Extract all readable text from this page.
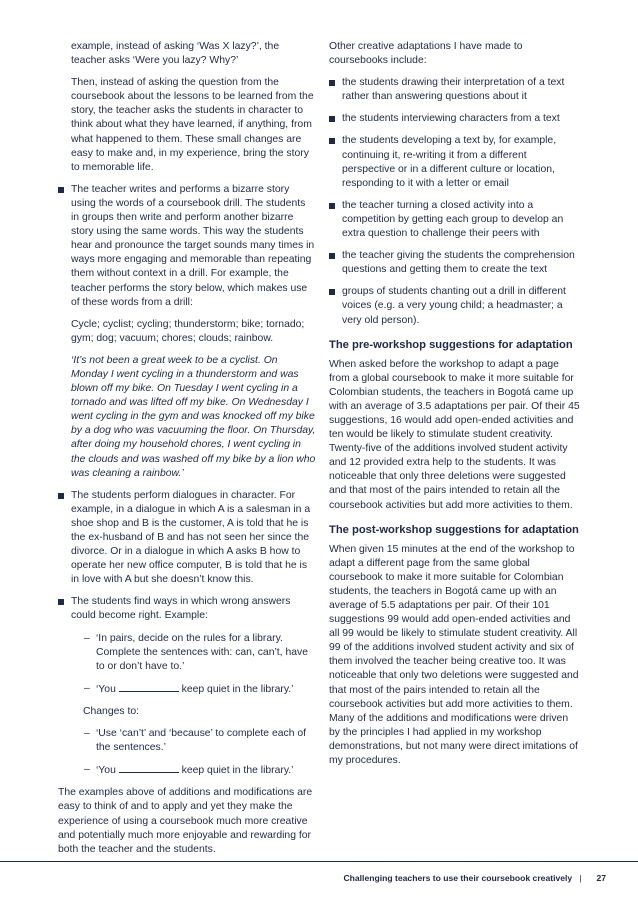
example, instead of asking ‘Was X lazy?’, the teacher asks ‘Were you lazy? Why?’

Then, instead of asking the question from the coursebook about the lessons to be learned from the story, the teacher asks the students in character to think about what they have learned, if anything, from what happened to them. These small changes are easy to make and, in my experience, bring the story to memorable life.

The teacher writes and performs a bizarre story using the words of a coursebook drill. The students in groups then write and perform another bizarre story using the same words. This way the students hear and pronounce the target sounds many times in ways more engaging and memorable than repeating them without context in a drill. For example, the teacher performs the story below, which makes use of these words from a drill:

Cycle; cyclist; cycling; thunderstorm; bike; tornado; gym; dog; vacuum; chores; clouds; rainbow.

‘It’s not been a great week to be a cyclist. On Monday I went cycling in a thunderstorm and was blown off my bike. On Tuesday I went cycling in a tornado and was lifted off my bike. On Wednesday I went cycling in the gym and was knocked off my bike by a dog who was vacuuming the floor. On Thursday, after doing my household chores, I went cycling in the clouds and was washed off my bike by a lion who was cleaning a rainbow.’

The students perform dialogues in character. For example, in a dialogue in which A is a salesman in a shoe shop and B is the customer, A is told that he is the ex-husband of B and has not seen her since the divorce. Or in a dialogue in which A asks B how to operate her new office computer, B is told that he is in love with A but she doesn’t know this.
The students find ways in which wrong answers could become right. Example:
– ‘In pairs, decide on the rules for a library. Complete the sentences with: can, can’t, have to or don’t have to.’
– ‘You	keep quiet in the library.’

Changes to:

– ‘Use ‘can’t’ and ‘because’ to complete each of the sentences.’
– ‘You	keep quiet in the library.’

The examples above of additions and modifications are easy to think of and to apply and yet they make the experience of using a coursebook much more creative and potentially much more enjoyable and rewarding for both the teacher and the students.

Other creative adaptations I have made to coursebooks include:

the students drawing their interpretation of a text rather than answering questions about it
the students interviewing characters from a text
the students developing a text by, for example, continuing it, re-writing it from a different perspective or in a different culture or location, responding to it with a letter or email
the teacher turning a closed activity into a competition by getting each group to develop an extra question to challenge their peers with
the teacher giving the students the comprehension questions and getting them to create the text
groups of students chanting out a drill in different voices (e.g. a very young child; a headmaster; a very old person).
The pre-workshop suggestions for adaptation

When asked before the workshop to adapt a page from a global coursebook to make it more suitable for Colombian students, the teachers in Bogotá came up with an average of 3.5 adaptations per pair. Of their 45 suggestions, 16 would add open-ended activities and ten would be likely to stimulate student creativity. Twenty-five of the additions involved student activity and 12 provided extra help to the students. It was noticeable that only three deletions were suggested and that most of the pairs intended to retain all the coursebook activities but add more activities to them.

The post-workshop suggestions for adaptation

When given 15 minutes at the end of the workshop to adapt a different page from the same global coursebook to make it more suitable for Colombian students, the teachers in Bogotá came up with an average of 5.5 adaptations per pair. Of their 101 suggestions 99 would add open-ended activities and all 99 would be likely to stimulate student creativity. All 99 of the additions involved student activity and six of them involved the teacher being creative too. It was noticeable that only two deletions were suggested and that most of the pairs intended to retain all the coursebook activities but add more activities to them. Many of the additions and modifications were driven by the principles I had applied in my workshop demonstrations, but not many were direct imitations of my procedures.

Challenging teachers to use their coursebook creatively | 27
